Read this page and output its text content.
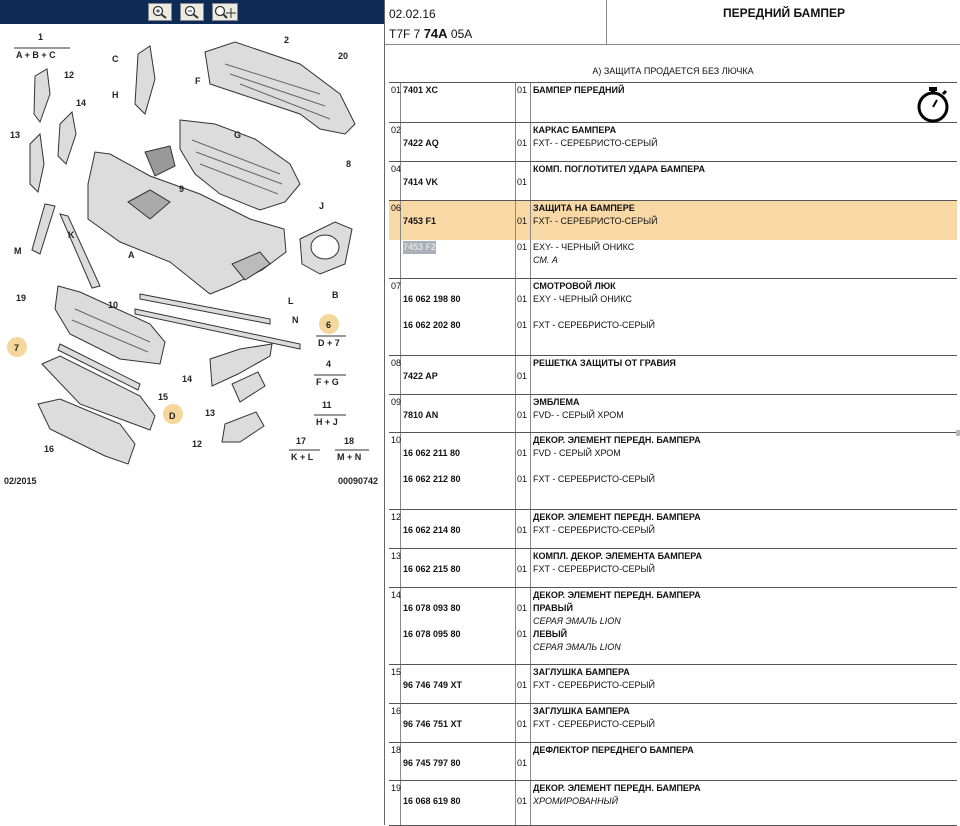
1
A + B + C
2
20
12
C
14
H
F
13	G
8
9
J
M
K
A
B
19
10	L
N	6
D + 7
7
4
F + G
15
14
11
H + J
13
D
12
16
17
K + L
18
M + N
02/2015	00090742
02.02.16
T7F 7 74A 05A
ПЕРЕДНИЙ БАМПЕР
A) ЗАЩИТА ПРОДАЕТСЯ БЕЗ ЛЮЧКА
01 7401 XC	01 БАМПЕР ПЕРЕДНИЙ
02	КАРКАС БАМПЕРА
7422 AQ	01 FXT- - СЕРЕБРИСТО-СЕРЫЙ
04	КОМП. ПОГЛОТИТЕЛ УДАРА БАМПЕРА
7414 VK	01
06	ЗАЩИТА НА БАМПЕРЕ
7453 F1	01 FXT- - СЕРЕБРИСТО-СЕРЫЙ
7453 F2	01 EXY- - ЧЕРНЫЙ ОНИКС
СМ. A
07	СМОТРОВОЙ ЛЮК
16 062 198 80	01 EXY - ЧЕРНЫЙ ОНИКС
16 062 202 80	01 FXT - СЕРЕБРИСТО-СЕРЫЙ
08	РЕШЕТКА ЗАЩИТЫ ОТ ГРАВИЯ
7422 AP	01
09	ЭМБЛЕМА
7810 AN	01 FVD- - СЕРЫЙ ХРОМ
10	ДЕКОР. ЭЛЕМЕНТ ПЕРЕДН. БАМПЕРА
16 062 211 80	01 FVD - СЕРЫЙ ХРОМ
16 062 212 80	01 FXT - СЕРЕБРИСТО-СЕРЫЙ
12	ДЕКОР. ЭЛЕМЕНТ ПЕРЕДН. БАМПЕРА
16 062 214 80	01 FXT - СЕРЕБРИСТО-СЕРЫЙ
13	КОМПЛ. ДЕКОР. ЭЛЕМЕНТА БАМПЕРА
16 062 215 80	01 FXT - СЕРЕБРИСТО-СЕРЫЙ
14	ДЕКОР. ЭЛЕМЕНТ ПЕРЕДН. БАМПЕРА
16 078 093 80	01 ПРАВЫЙ
СЕРАЯ ЭМАЛЬ LION
16 078 095 80	01 ЛЕВЫЙ
СЕРАЯ ЭМАЛЬ LION
15	ЗАГЛУШКА БАМПЕРА
96 746 749 XT	01 FXT - СЕРЕБРИСТО-СЕРЫЙ
16	ЗАГЛУШКА БАМПЕРА
96 746 751 XT	01 FXT - СЕРЕБРИСТО-СЕРЫЙ
18	ДЕФЛЕКТОР ПЕРЕДНЕГО БАМПЕРА
96 745 797 80	01
19	ДЕКОР. ЭЛЕМЕНТ ПЕРЕДН. БАМПЕРА
16 068 619 80	01 ХРОМИРОВАННЫЙ
